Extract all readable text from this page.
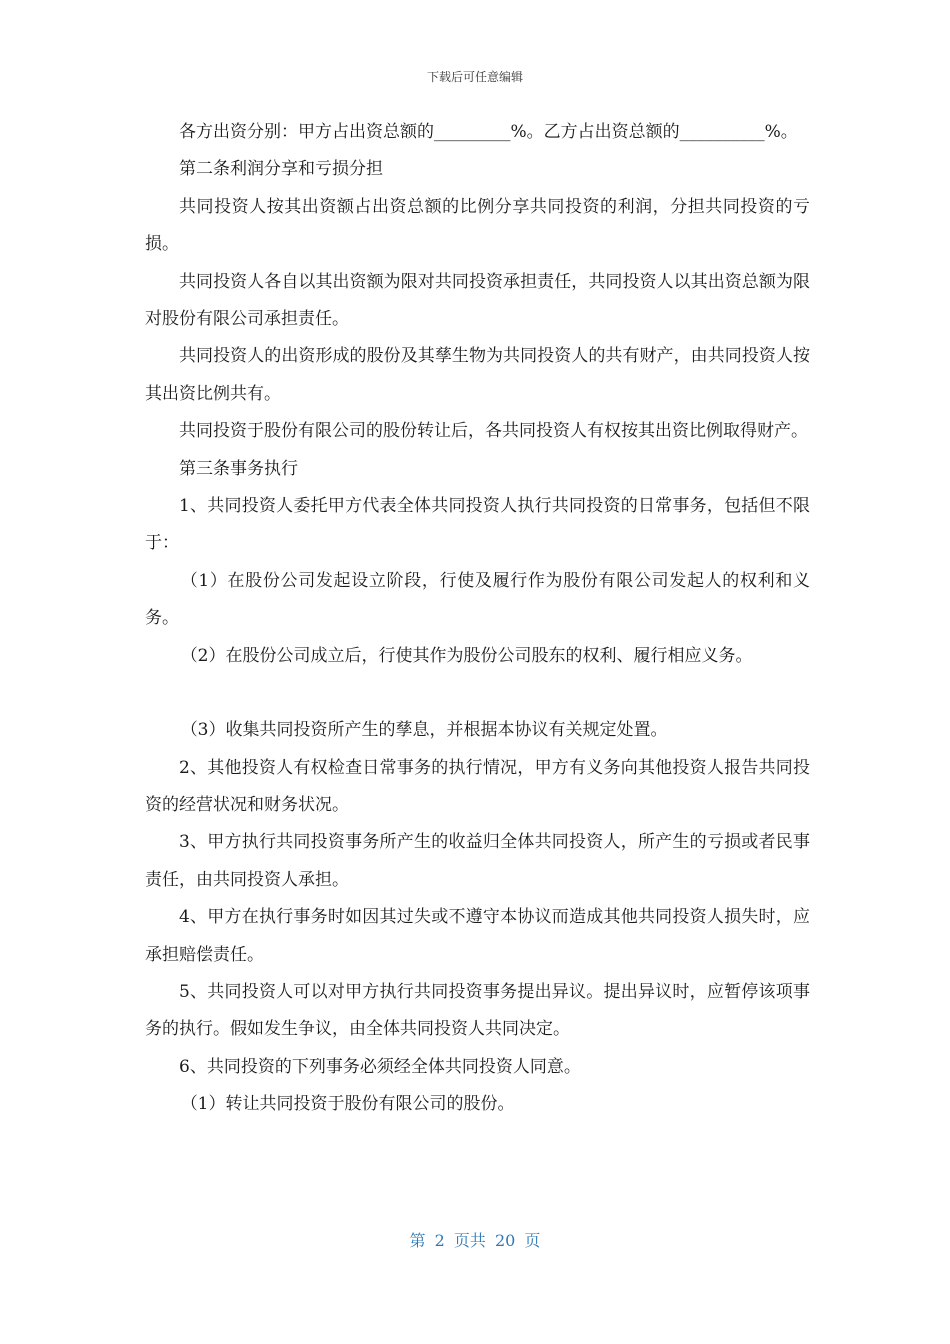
下载后可任意编辑

各方出资分别：甲方占出资总额的_________%。乙方占出资总额的__________%。

第二条利润分享和亏损分担

共同投资人按其出资额占出资总额的比例分享共同投资的利润，分担共同投资的亏损。

共同投资人各自以其出资额为限对共同投资承担责任，共同投资人以其出资总额为限对股份有限公司承担责任。

共同投资人的出资形成的股份及其孳生物为共同投资人的共有财产，由共同投资人按其出资比例共有。

共同投资于股份有限公司的股份转让后，各共同投资人有权按其出资比例取得财产。

第三条事务执行

1、共同投资人委托甲方代表全体共同投资人执行共同投资的日常事务，包括但不限于：

（1）在股份公司发起设立阶段，行使及履行作为股份有限公司发起人的权利和义务。

（2）在股份公司成立后，行使其作为股份公司股东的权利、履行相应义务。

（3）收集共同投资所产生的孳息，并根据本协议有关规定处置。

2、其他投资人有权检查日常事务的执行情况，甲方有义务向其他投资人报告共同投资的经营状况和财务状况。

3、甲方执行共同投资事务所产生的收益归全体共同投资人，所产生的亏损或者民事责任，由共同投资人承担。

4、甲方在执行事务时如因其过失或不遵守本协议而造成其他共同投资人损失时，应承担赔偿责任。

5、共同投资人可以对甲方执行共同投资事务提出异议。提出异议时，应暂停该项事务的执行。假如发生争议，由全体共同投资人共同决定。

6、共同投资的下列事务必须经全体共同投资人同意。

（1）转让共同投资于股份有限公司的股份。

第 2 页共 20 页
